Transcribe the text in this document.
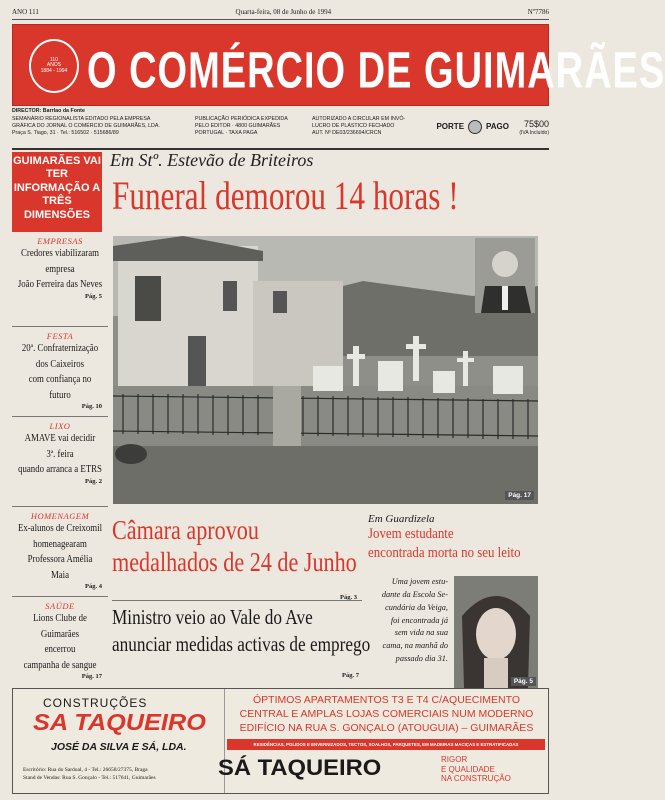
ANO 111	Quarta-feira, 08 de Junho de 1994	Nº7786
110
ANOS
1884 - 1994 O COMÉRCIO DE GUIMARÃES
DIRECTOR: Barrlao da Fonte
SEMANÁRIO REGIONALISTA EDITADO PELA EMPRESA
GRÁFICA DO JORNAL O COMÉRCIO DE GUIMARÃES, LDA.
Praça S. Tiago, 31 · Tel.: 516502 · 515686/89
PUBLICAÇÃO PERIÓDICA EXPEDIDA
PELO EDITOR · 4800 GUIMARÃES
PORTUGAL · TAXA PAGA
AUTORIZADO A CIRCULAR EM INVÓ-
LUCRO DE PLÁSTICO FECHADO
AUT. Nº DE03/236694/CRCN
PORTE	PAGO	75$00
(IVA Incluído)
GUIMARÃES VAI TER INFORMAÇÃO A TRÊS DIMENSÕES
Em Stº. Estevão de Briteiros
Funeral demorou 14 horas !
EMPRESAS
Credores viabilizaram
empresa
João Ferreira das Neves
Pág. 5
FESTA
20ª. Confraternização
dos Caixeiros
com confiança no futuro
Pág. 10
LIXO
AMAVE vai decidir
3ª. feira
quando arranca a ETRS
Pág. 2
HOMENAGEM
Ex-alunos de Creixomil
homenagearam
Professora Amélia Maia
Pág. 4
SAÚDE
Lions Clube de Guimarães
encerrou
campanha de sangue
Pág. 17
Pág. 17
Câmara aprovou
medalhados de 24 de Junho
Pág. 3
Ministro veio ao Vale do Ave
anunciar medidas activas de emprego
Pág. 7
Em Guardizela
Jovem estudante
encontrada morta no seu leito
Uma jovem estu-
dante da Escola Se-
cundária da Veiga,
foi encontrada já
sem vida na sua
cama, na manhã do
passado dia 31.
Pág. 5
CONSTRUÇÕES
SA TAQUEIRO
JOSÉ DA SILVA E SÁ, LDA.
Escritório: Rua do Sardoal, 4 - Tel.: 26658/27375, Braga
Stand de Vendas: Rua S. Gonçalo - Tel.: 517641, Guimarães
ÓPTIMOS APARTAMENTOS T3 E T4 C/AQUECIMENTO
CENTRAL E AMPLAS LOJAS COMERCIAIS NUM MODERNO
EDIFÍCIO NA RUA S. GONÇALO (ATOUGUIA) – GUIMARÃES
RESIDÊNCIAS, POLIDOS E ENVERNIZADOS, TECTOS, SOALHOS, PARQUETES, EM MADEIRAS MACIÇAS E ESTRATIFICADAS
SÁ TAQUEIRO	RIGOR
E QUALIDADE
NA CONSTRUÇÃO
